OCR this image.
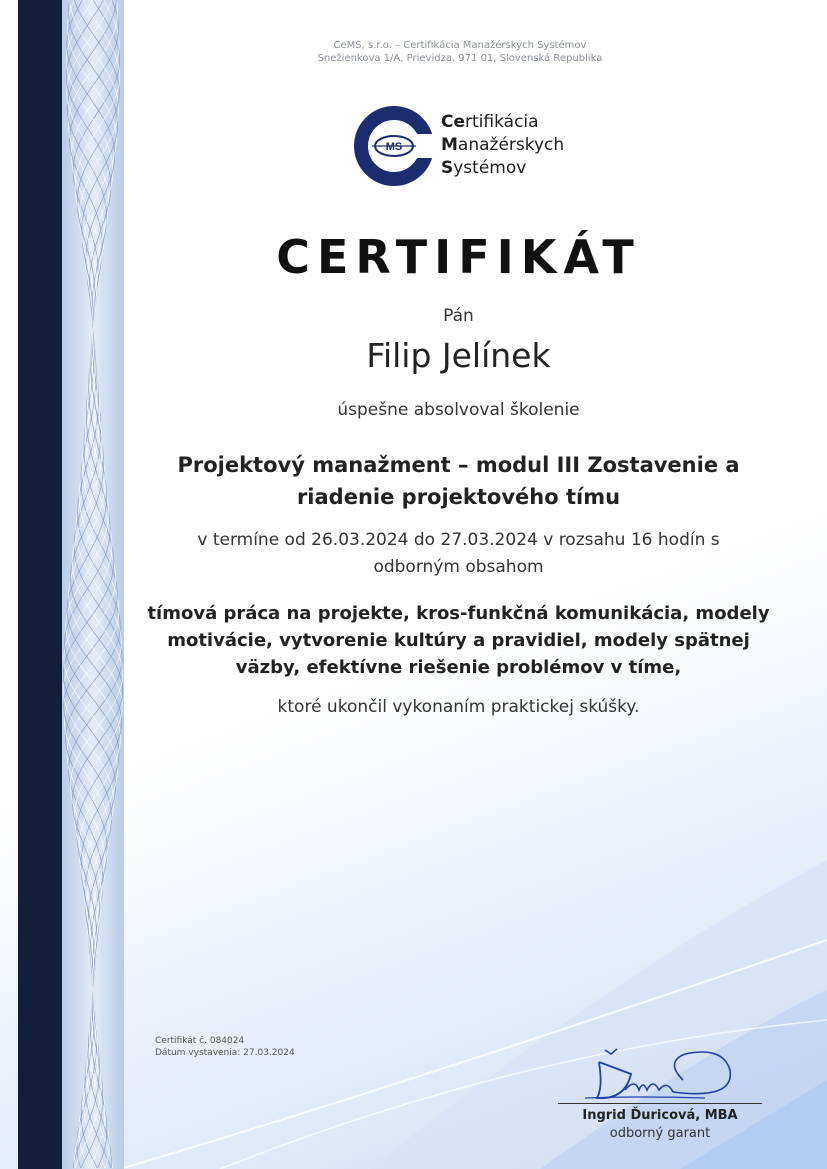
CeMS, s.r.o. – Certifikácia Manažérskych Systémov
Snežienkova 1/A, Prievidza, 971 01, Slovenská Republika
MS
Certifikácia
Manažérskych
Systémov
CERTIFIKÁT
Pán
Filip Jelínek
úspešne absolvoval školenie
Projektový manažment – modul III Zostavenie a
riadenie projektového tímu
v termíne od 26.03.2024 do 27.03.2024 v rozsahu 16 hodín s
odborným obsahom
tímová práca na projekte, kros-funkčná komunikácia, modely
motivácie, vytvorenie kultúry a pravidiel, modely spätnej
väzby, efektívne riešenie problémov v tíme,
ktoré ukončil vykonaním praktickej skúšky.
Certifikát č. 084024
Dátum vystavenia: 27.03.2024
Ingrid Ďuricová, MBA
odborný garant
